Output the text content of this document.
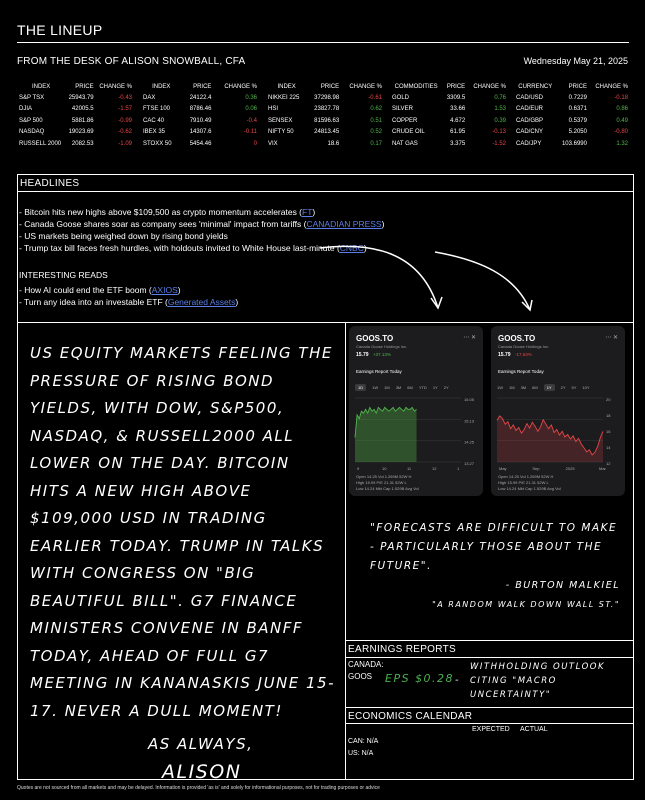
THE LINEUP
FROM THE DESK OF ALISON SNOWBALL, CFA	Wednesday May 21, 2025
INDEX	PRICE	CHANGE %
S&P TSX	25943.79	-0.43
DJIA	42005.5	-1.57
S&P 500	5881.86	-0.99
NASDAQ	19023.69	-0.62
RUSSELL 2000	2082.53	-1.09
INDEX	PRICE	CHANGE %
DAX	24122.4	0.36
FTSE 100	8786.46	0.06
CAC 40	7910.49	-0.4
IBEX 35	14307.6	-0.11
STOXX 50	5454.46	0
INDEX	PRICE	CHANGE %
NIKKEI 225	37298.98	-0.61
HSI	23827.78	0.62
SENSEX	81596.63	0.51
NIFTY 50	24813.45	0.52
VIX	18.6	0.17
COMMODITIES	PRICE	CHANGE %
GOLD	3309.5	0.76
SILVER	33.66	1.53
COPPER	4.672	0.39
CRUDE OIL	61.95	-0.13
NAT GAS	3.375	-1.52
CURRENCY	PRICE	CHANGE %
CAD/USD	0.7229	-0.18
CAD/EUR	0.6371	0.86
CAD/GBP	0.5379	0.49
CAD/CNY	5.2050	-0.80
CAD/JPY	103.6990	1.32
HEADLINES
- Bitcoin hits new highs above $109,500 as crypto momentum accelerates (FT)
- Canada Goose shares soar as company sees 'minimal' impact from tariffs (CANADIAN PRESS)
- US markets being weighed down by rising bond yields
- Trump tax bill faces fresh hurdles, with holdouts invited to White House last-minute (CNBC)
INTERESTING READS
- How AI could end the ETF boom (AXIOS)
- Turn any idea into an investable ETF (Generated Assets)
US EQUITY MARKETS FEELING THE PRESSURE OF RISING BOND YIELDS, WITH DOW, S&P500, NASDAQ, & RUSSELL2000 ALL LOWER ON THE DAY. BITCOIN HITS A NEW HIGH ABOVE $109,000 USD IN TRADING EARLIER TODAY. TRUMP IN TALKS WITH CONGRESS ON "BIG BEAUTIFUL BILL". G7 FINANCE MINISTERS CONVENE IN BANFF TODAY, AHEAD OF FULL G7 MEETING IN KANANASKIS JUNE 15-17. NEVER A DULL MOMENT!
AS ALWAYS, ALISON
GOOS.TO
Canada Goose Holdings Inc.
15.79 +37.13%
Earnings Report Today
⋯ ✕
1D 1W 1M 3M 6M YTD 1Y 2Y
16.05
15.13
14.25
13.27
9	10	11	12	1
Open 14.25 Vol 1.269M 52W H
High 15.99 P/E 21.31 52W L
Low 14.24 Mkt Cap 1.529B Avg Vol
GOOS.TO
Canada Goose Holdings Inc.
15.79 -17.63%
Earnings Report Today
⋯ ✕
1W 1M 3M 6M 1Y 2Y 5Y 10Y
20
18
16
14
12
May	Sep	2025	Mar
Open 14.25 Vol 1.269M 52W H
High 15.99 P/E 21.31 52W L
Low 14.24 Mkt Cap 1.529B Avg Vol
"FORECASTS ARE DIFFICULT TO MAKE - PARTICULARLY THOSE ABOUT THE FUTURE".
- BURTON MALKIEL
"A RANDOM WALK DOWN WALL ST."
EARNINGS REPORTS
CANADA:
GOOS EPS $0.28 -
WITHHOLDING OUTLOOK CITING "MACRO UNCERTAINTY"
ECONOMICS CALENDAR
EXPECTED ACTUAL
CAN: N/A
US: N/A
Quotes are not sourced from all markets and may be delayed. Information is provided 'as is' and solely for informational purposes, not for trading purposes or advice
